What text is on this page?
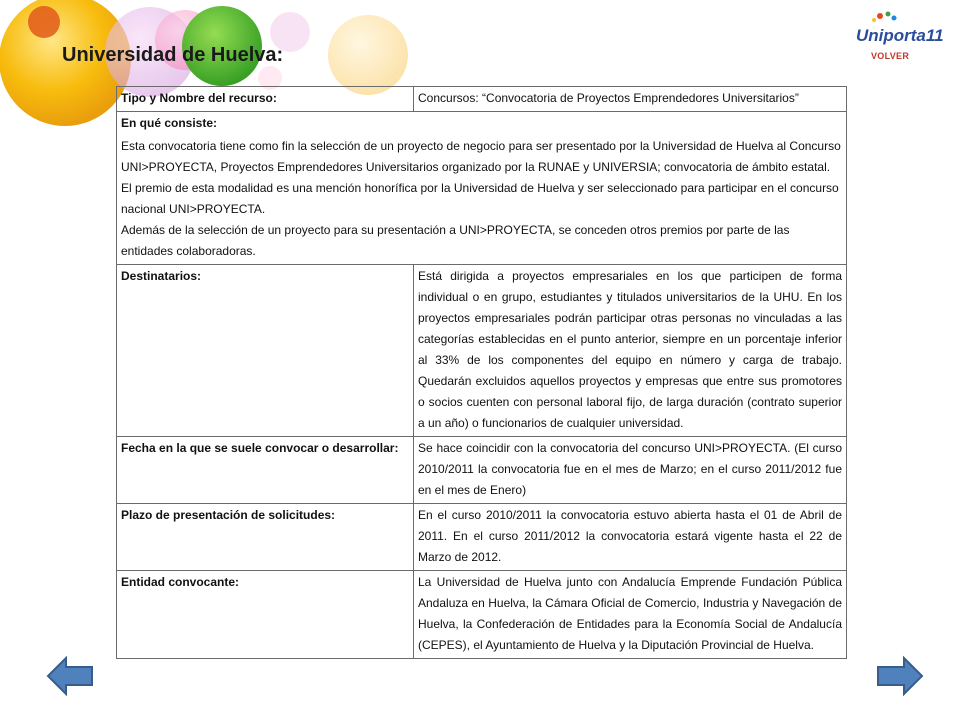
Universidad de Huelva:
Uniporta11
VOLVER
Tipo y Nombre del recurso:	Concursos: “Convocatoria de Proyectos Emprendedores Universitarios”

En qué consiste:

Esta convocatoria tiene como fin la selección de un proyecto de negocio para ser presentado por la Universidad de Huelva al Concurso UNI>PROYECTA, Proyectos Emprendedores Universitarios organizado por la RUNAE y UNIVERSIA; convocatoria de ámbito estatal. El premio de esta modalidad es una mención honorífica por la Universidad de Huelva y ser seleccionado para participar en el concurso nacional UNI>PROYECTA.

Además de la selección de un proyecto para su presentación a UNI>PROYECTA, se conceden otros premios por parte de las entidades colaboradoras.	

Destinatarios:	Está dirigida a proyectos empresariales en los que participen de forma individual o en grupo, estudiantes y titulados universitarios de la UHU. En los proyectos empresariales podrán participar otras personas no vinculadas a las categorías establecidas en el punto anterior, siempre en un porcentaje inferior al 33% de los componentes del equipo en número y carga de trabajo. Quedarán excluidos aquellos proyectos y empresas que entre sus promotores o socios cuenten con personal laboral fijo, de larga duración (contrato superior a un año) o funcionarios de cualquier universidad.
Fecha en la que se suele convocar o desarrollar:	Se hace coincidir con la convocatoria del concurso UNI>PROYECTA. (El curso 2010/2011 la convocatoria fue en el mes de Marzo; en el curso 2011/2012 fue en el mes de Enero)
Plazo de presentación de solicitudes:	En el curso 2010/2011 la convocatoria estuvo abierta hasta el 01 de Abril de 2011. En el curso 2011/2012 la convocatoria estará vigente hasta el 22 de Marzo de 2012.
Entidad convocante:	La Universidad de Huelva junto con Andalucía Emprende Fundación Pública Andaluza en Huelva, la Cámara Oficial de Comercio, Industria y Navegación de Huelva, la Confederación de Entidades para la Economía Social de Andalucía (CEPES), el Ayuntamiento de Huelva y la Diputación Provincial de Huelva.
